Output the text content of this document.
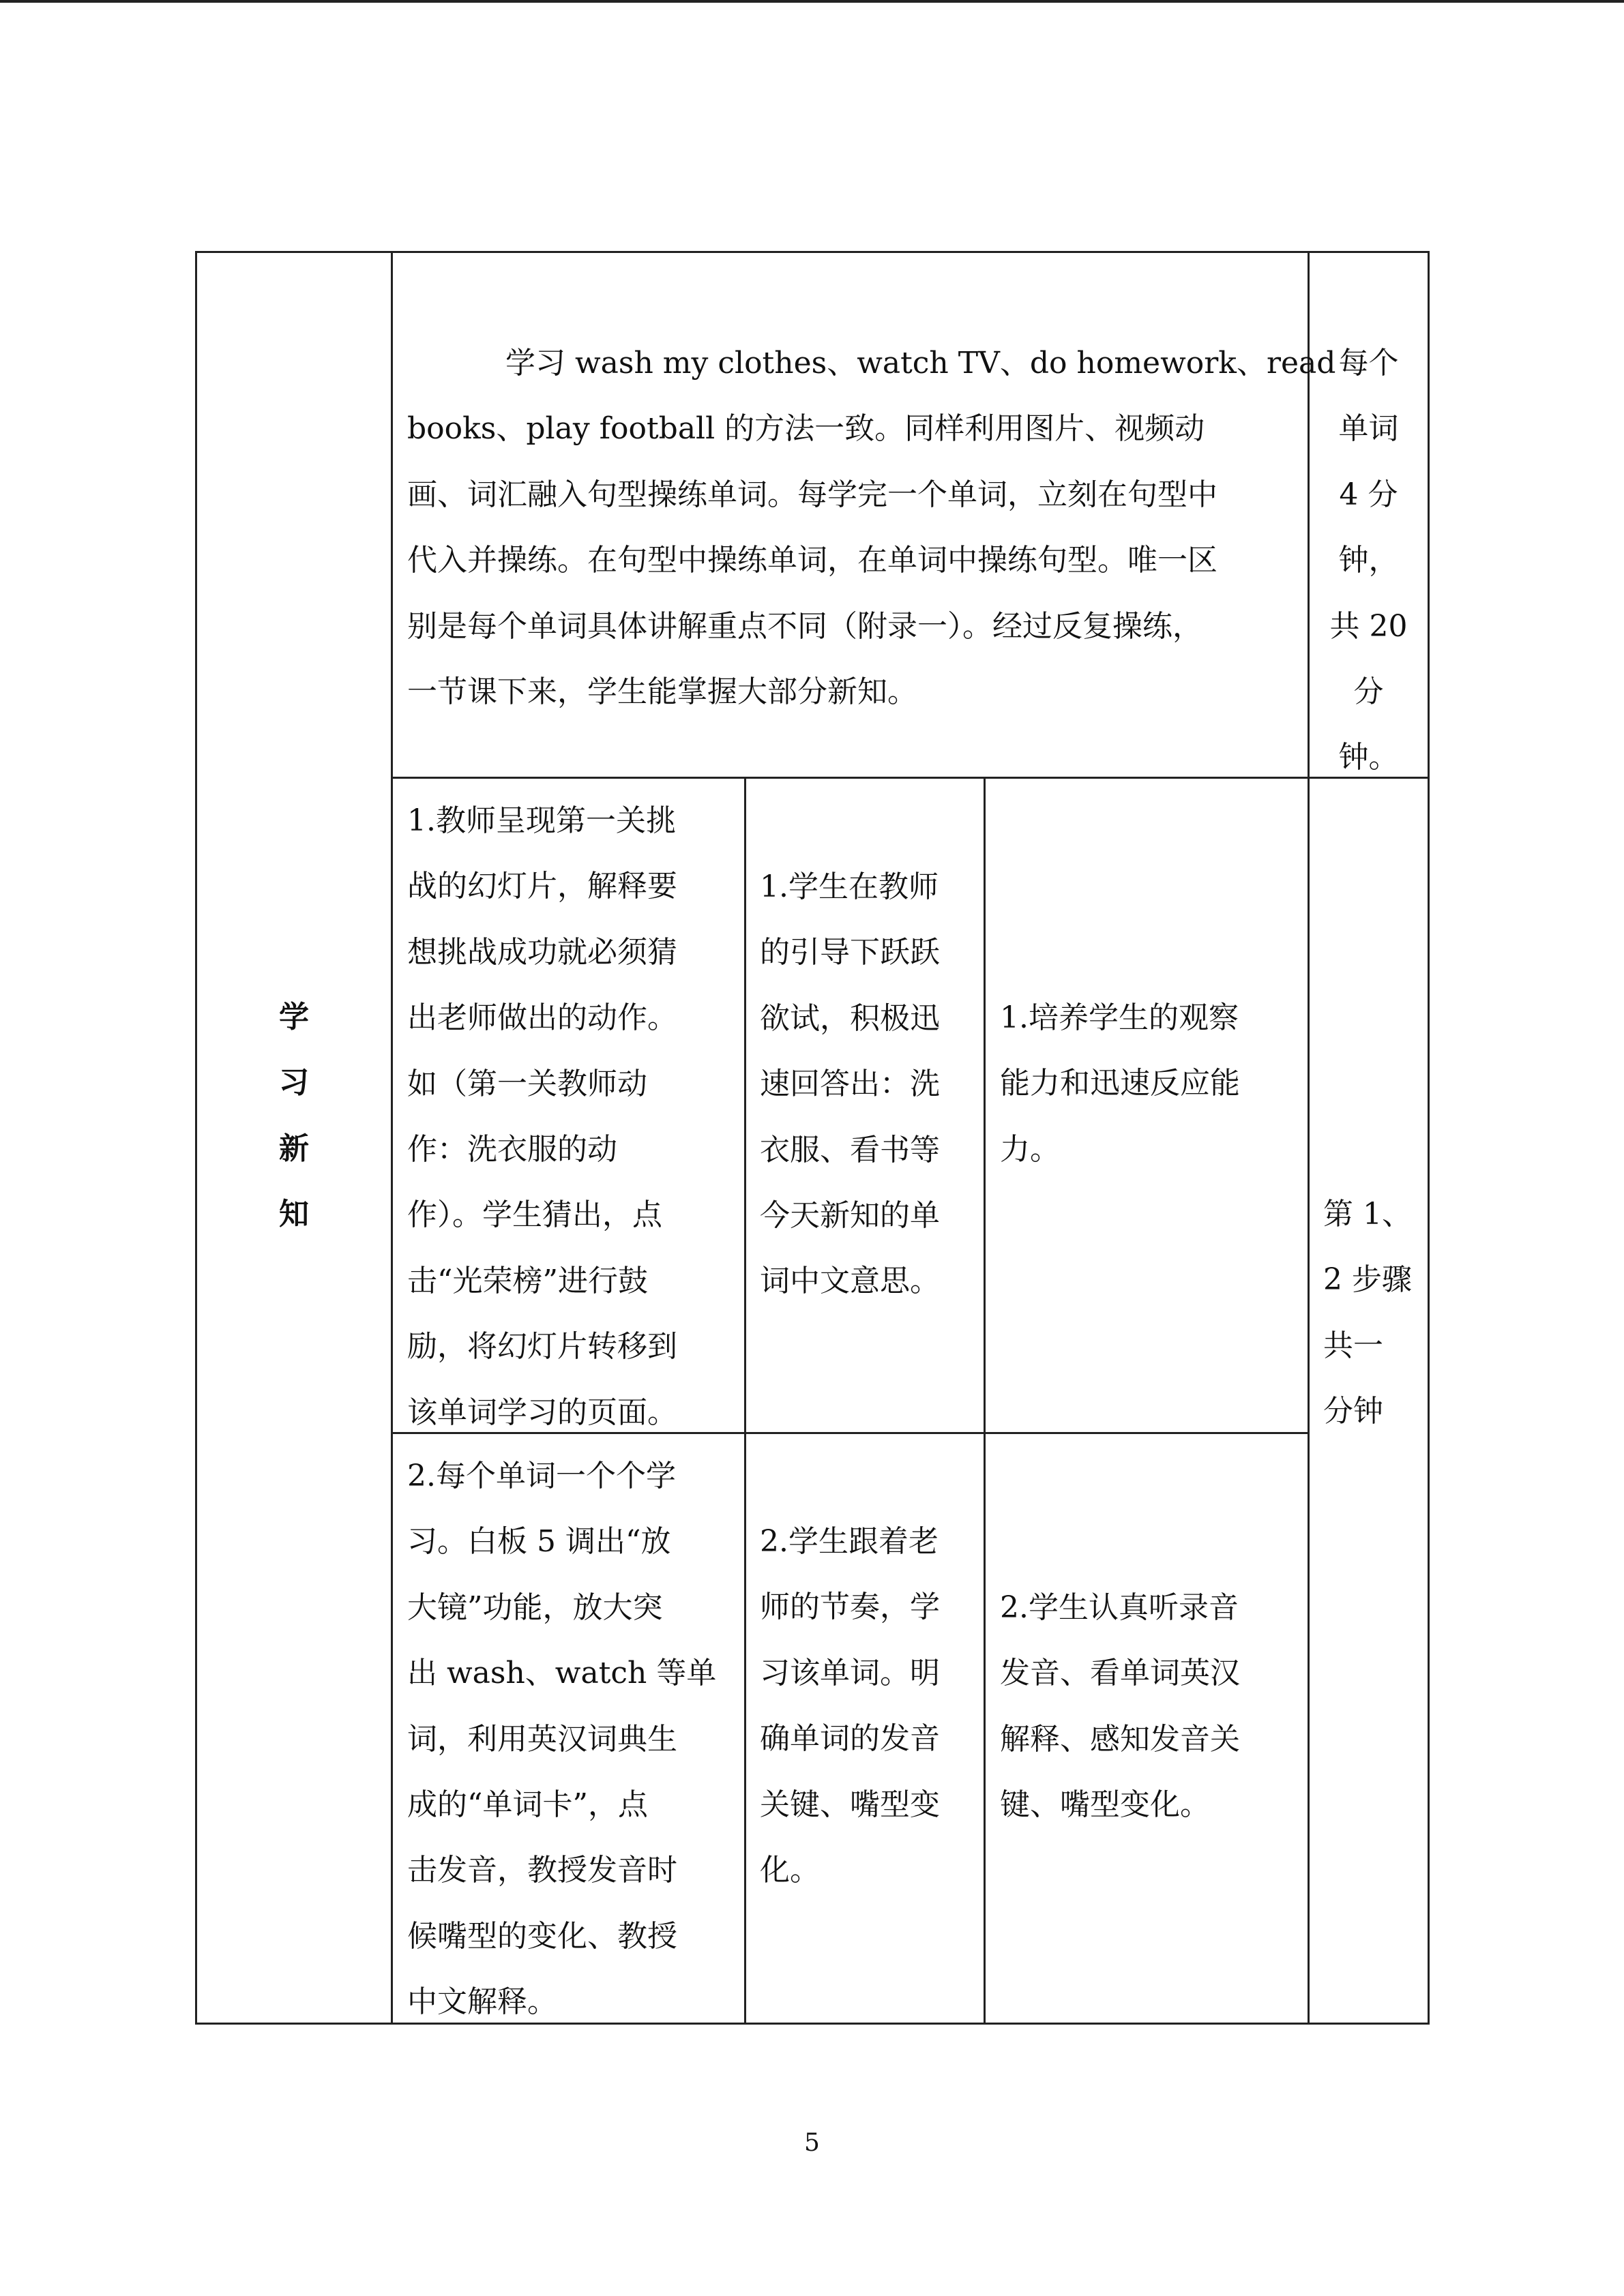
学
习
新
知
学习 wash my clothes、watch TV、do homework、read
books、play football 的方法一致。同样利用图片、视频动
画、词汇融入句型操练单词。每学完一个单词，立刻在句型中
代入并操练。在句型中操练单词，在单词中操练句型。唯一区
别是每个单词具体讲解重点不同（附录一）。经过反复操练，
一节课下来，学生能掌握大部分新知。
每个
单词
4 分
钟，
共 20
分
钟。
1.教师呈现第一关挑
战的幻灯片，解释要
想挑战成功就必须猜
出老师做出的动作。
如（第一关教师动
作：洗衣服的动
作）。学生猜出，点
击“光荣榜”进行鼓
励，将幻灯片转移到
该单词学习的页面。
1.学生在教师
的引导下跃跃
欲试，积极迅
速回答出：洗
衣服、看书等
今天新知的单
词中文意思。
1.培养学生的观察
能力和迅速反应能
力。
第 1、
2 步骤
共一
分钟
2.每个单词一个个学
习。白板 5 调出“放
大镜”功能，放大突
出 wash、watch 等单
词，利用英汉词典生
成的“单词卡”，点
击发音，教授发音时
候嘴型的变化、教授
中文解释。
2.学生跟着老
师的节奏，学
习该单词。明
确单词的发音
关键、嘴型变
化。
2.学生认真听录音
发音、看单词英汉
解释、感知发音关
键、嘴型变化。
5
